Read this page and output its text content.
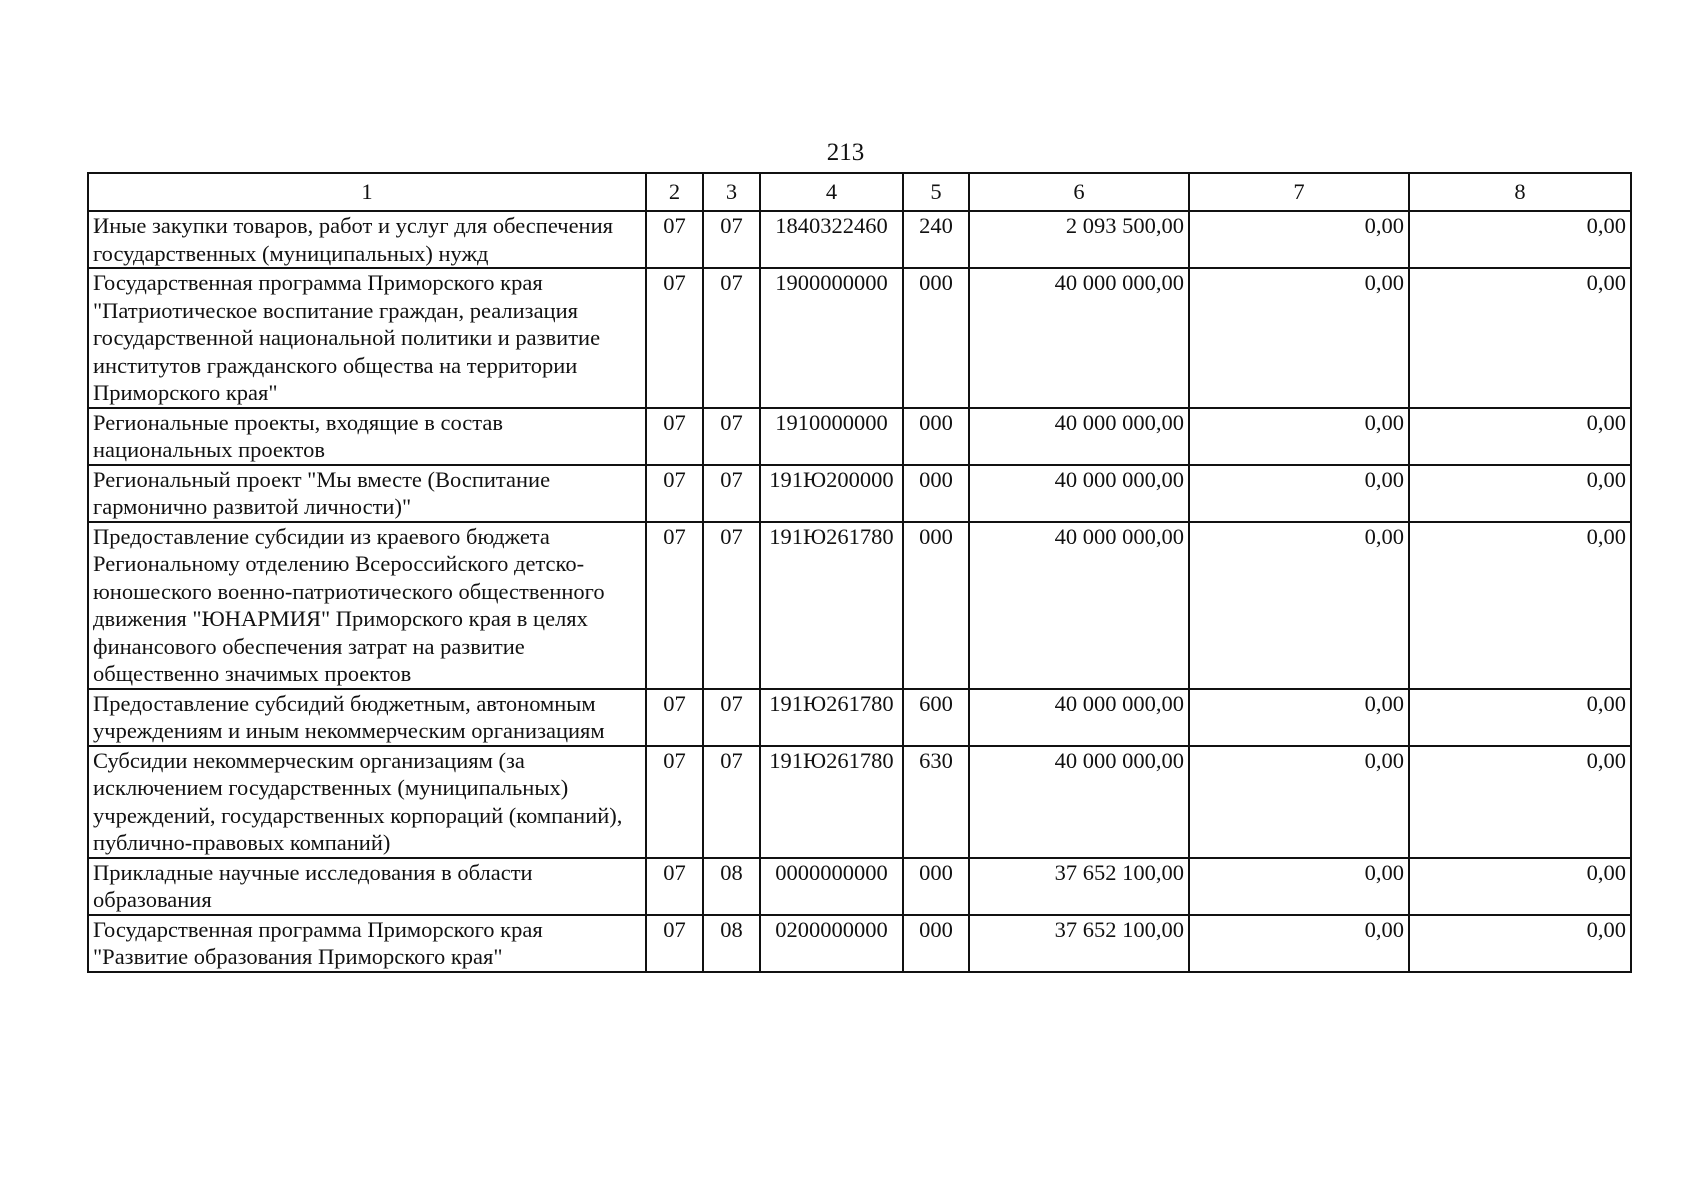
213
1	2	3	4	5	6	7	8
Иные закупки товаров, работ и услуг для обеспечения государственных (муниципальных) нужд	07	07	1840322460	240	2 093 500,00	0,00	0,00
Государственная программа Приморского края "Патриотическое воспитание граждан, реализация государственной национальной политики и развитие институтов гражданского общества на территории Приморского края"	07	07	1900000000	000	40 000 000,00	0,00	0,00
Региональные проекты, входящие в состав национальных проектов	07	07	1910000000	000	40 000 000,00	0,00	0,00
Региональный проект "Мы вместе (Воспитание гармонично развитой личности)"	07	07	191Ю200000	000	40 000 000,00	0,00	0,00
Предоставление субсидии из краевого бюджета Региональному отделению Всероссийского детско-юношеского военно-патриотического общественного движения "ЮНАРМИЯ" Приморского края в целях финансового обеспечения затрат на развитие общественно значимых проектов	07	07	191Ю261780	000	40 000 000,00	0,00	0,00
Предоставление субсидий бюджетным, автономным учреждениям и иным некоммерческим организациям	07	07	191Ю261780	600	40 000 000,00	0,00	0,00
Субсидии некоммерческим организациям (за исключением государственных (муниципальных) учреждений, государственных корпораций (компаний), публично-правовых компаний)	07	07	191Ю261780	630	40 000 000,00	0,00	0,00
Прикладные научные исследования в области образования	07	08	0000000000	000	37 652 100,00	0,00	0,00
Государственная программа Приморского края "Развитие образования Приморского края"	07	08	0200000000	000	37 652 100,00	0,00	0,00
